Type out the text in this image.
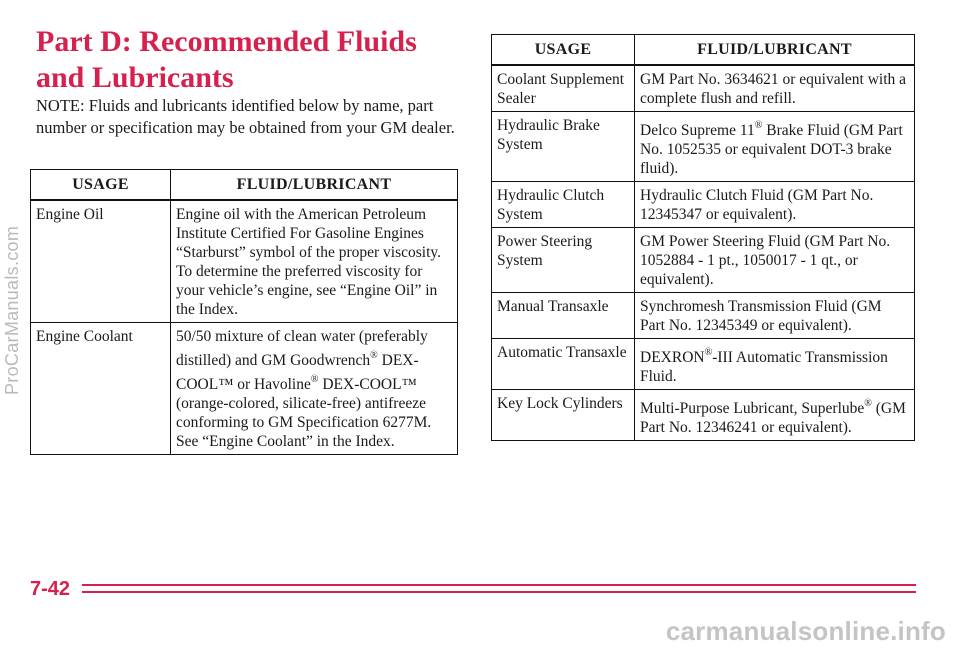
Part D: Recommended Fluids and Lubricants

NOTE: Fluids and lubricants identified below by name, part number or specification may be obtained from your GM dealer.

USAGE	FLUID/LUBRICANT
Engine Oil	Engine oil with the American Petroleum Institute Certified For Gasoline Engines “Starburst” symbol of the proper viscosity. To determine the preferred viscosity for your vehicle’s engine, see “Engine Oil” in the Index.
Engine Coolant	50/50 mixture of clean water (preferably distilled) and GM Goodwrench® DEX-COOL™ or Havoline® DEX-COOL™ (orange-colored, silicate-free) antifreeze conforming to GM Specification 6277M. See “Engine Coolant” in the Index.
USAGE	FLUID/LUBRICANT
Coolant Supplement Sealer	GM Part No. 3634621 or equivalent with a complete flush and refill.
Hydraulic Brake System	Delco Supreme 11® Brake Fluid (GM Part No. 1052535 or equivalent DOT-3 brake fluid).
Hydraulic Clutch System	Hydraulic Clutch Fluid (GM Part No. 12345347 or equivalent).
Power Steering System	GM Power Steering Fluid (GM Part No. 1052884 - 1 pt., 1050017 - 1 qt., or equivalent).
Manual Transaxle	Synchromesh Transmission Fluid (GM Part No. 12345349 or equivalent).
Automatic Transaxle	DEXRON®-III Automatic Transmission Fluid.
Key Lock Cylinders	Multi-Purpose Lubricant, Superlube® (GM Part No. 12346241 or equivalent).
7-42
ProCarManuals.com
carmanualsonline.info
